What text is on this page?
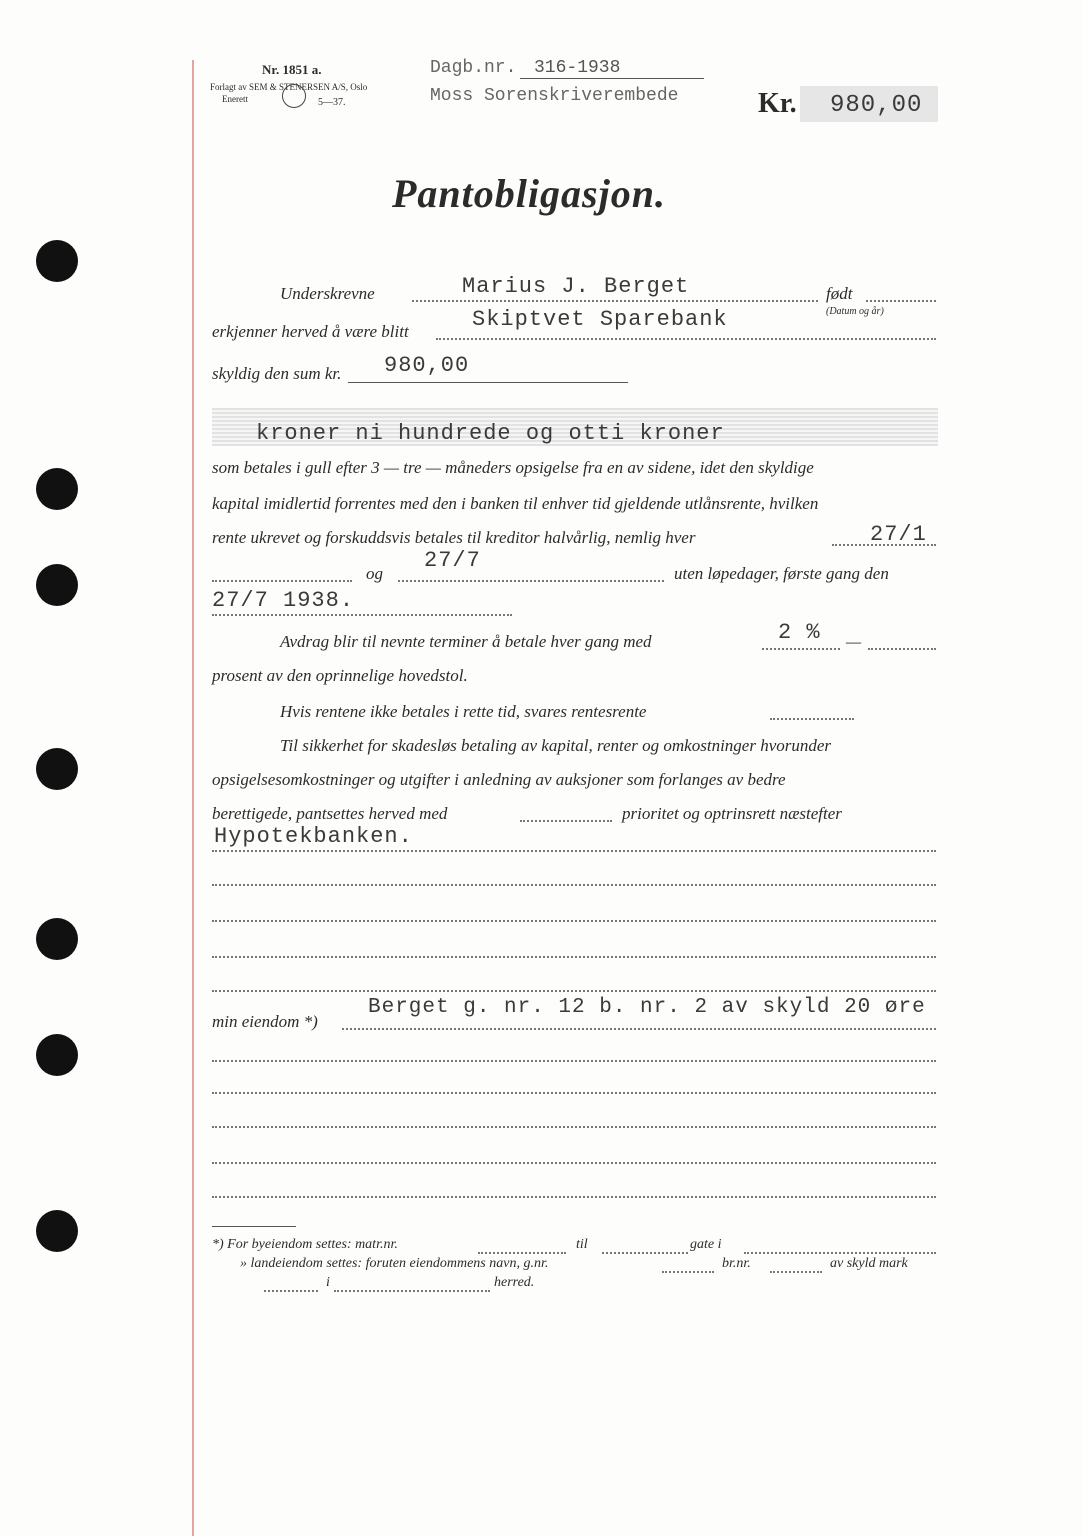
Nr. 1851 a.
Forlagt av SEM & STENERSEN A/S, Oslo
Enerett	5—37.
Dagb.nr. 316-1938
Moss Sorenskriverembede	Kr. 980,00
Pantobligasjon.
Underskrevne	Marius J. Berget	født
(Datum og år)
erkjenner herved å være blitt	Skiptvet Sparebank
skyldig den sum kr. 980,00
kroner ni hundrede og otti kroner
som betales i gull efter 3 — tre — måneders opsigelse fra en av sidene, idet den skyldige
kapital imidlertid forrentes med den i banken til enhver tid gjeldende utlånsrente, hvilken
rente ukrevet og forskuddsvis betales til kreditor halvårlig, nemlig hver	27/1
og
27/7
uten løpedager, første gang den
27/7 1938.
Avdrag blir til nevnte terminer å betale hver gang med	2 % —
prosent av den oprinnelige hovedstol.
Hvis rentene ikke betales i rette tid, svares rentesrente
Til sikkerhet for skadesløs betaling av kapital, renter og omkostninger hvorunder
opsigelsesomkostninger og utgifter i anledning av auksjoner som forlanges av bedre
berettigede, pantsettes herved med	prioritet og optrinsrett næstefter
Hypotekbanken.
min eiendom *)
Berget g. nr. 12 b. nr. 2 av skyld 20 øre
*) For byeiendom settes: matr.nr.	til	gate i
» landeiendom settes: foruten eiendommens navn, g.nr.	br.nr.	av skyld mark
i	herred.
